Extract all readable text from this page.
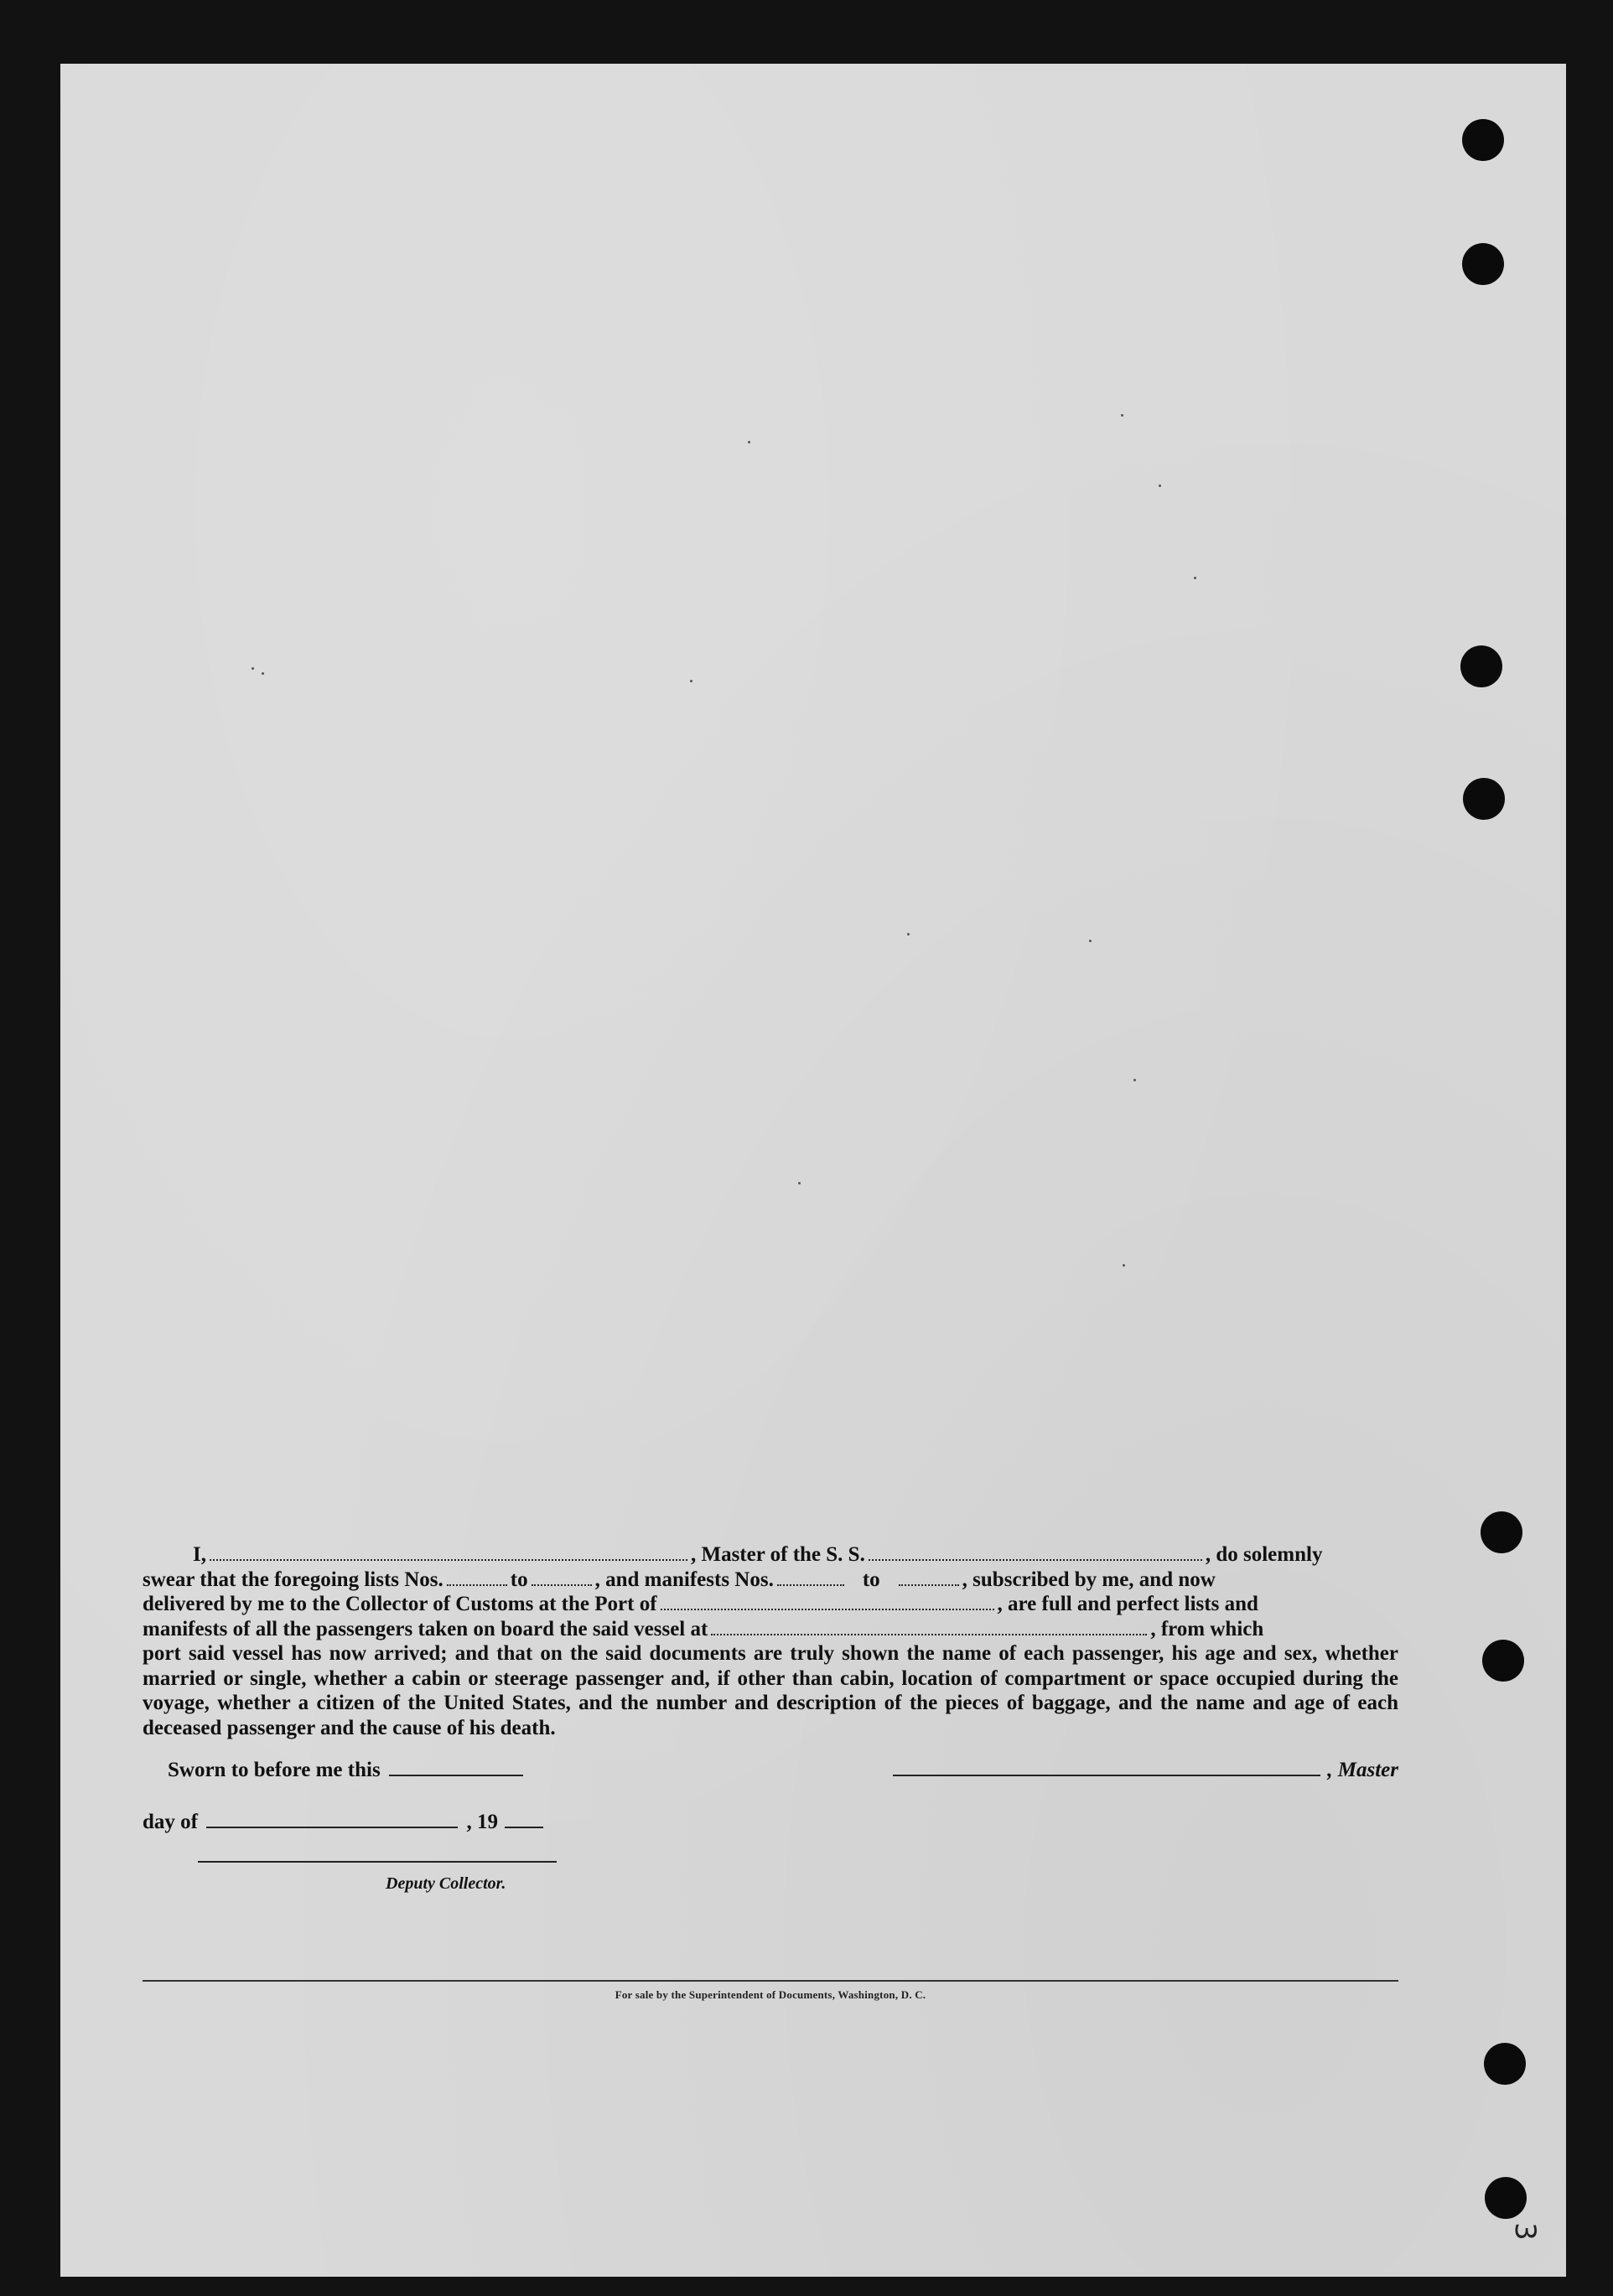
I,	, Master of the S. S.	, do solemnly
swear that the foregoing lists Nos.	to	, and manifests Nos.	to	, subscribed by me, and now
delivered by me to the Collector of Customs at the Port of	, are full and perfect lists and
manifests of all the passengers taken on board the said vessel at	, from which

port said vessel has now arrived; and that on the said documents are truly shown the name of each passenger, his age and sex, whether married or single, whether a cabin or steerage passenger and, if other than cabin, location of compartment or space occupied during the voyage, whether a citizen of the United States, and the number and description of the pieces of baggage, and the name and age of each deceased passenger and the cause of his death.

Sworn to before me this	, Master
day of	, 19
Deputy Collector.
For sale by the Superintendent of Documents, Washington, D. C.
3
